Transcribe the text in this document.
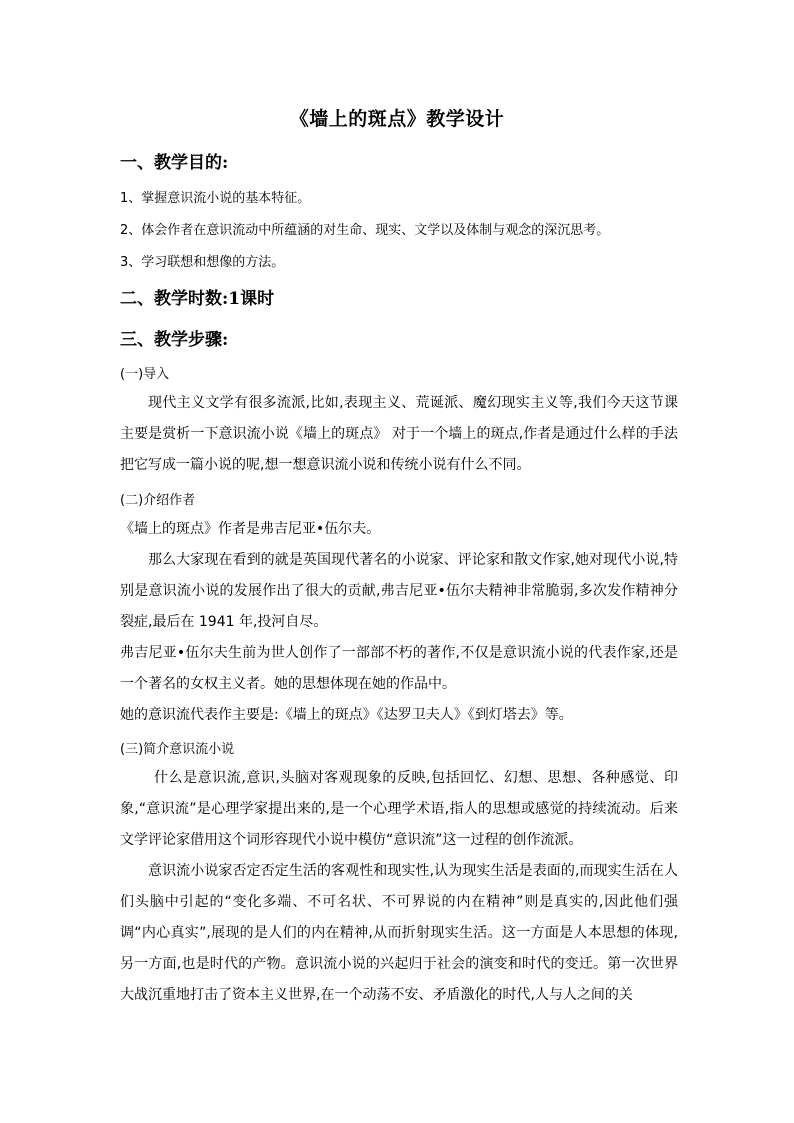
《墙上的斑点》教学设计
一、教学目的:
1、掌握意识流小说的基本特征。
2、体会作者在意识流动中所蕴涵的对生命、现实、文学以及体制与观念的深沉思考。
3、学习联想和想像的方法。
二、教学时数:1课时
三、教学步骤:
(一)导入
现代主义文学有很多流派,比如,表现主义、荒诞派、魔幻现实主义等,我们今天这节课主要是赏析一下意识流小说《墙上的斑点》 对于一个墙上的斑点,作者是通过什么样的手法把它写成一篇小说的呢,想一想意识流小说和传统小说有什么不同。
(二)介绍作者
《墙上的斑点》作者是弗吉尼亚•伍尔夫。
那么大家现在看到的就是英国现代著名的小说家、评论家和散文作家,她对现代小说,特别是意识流小说的发展作出了很大的贡献,弗吉尼亚•伍尔夫精神非常脆弱,多次发作精神分裂症,最后在 1941 年,投河自尽。
弗吉尼亚•伍尔夫生前为世人创作了一部部不朽的著作,不仅是意识流小说的代表作家,还是一个著名的女权主义者。她的思想体现在她的作品中。
她的意识流代表作主要是:《墙上的斑点》《达罗卫夫人》《到灯塔去》等。
(三)简介意识流小说
什么是意识流,意识,头脑对客观现象的反映,包括回忆、幻想、思想、各种感觉、印象,“意识流”是心理学家提出来的,是一个心理学术语,指人的思想或感觉的持续流动。后来文学评论家借用这个词形容现代小说中模仿“意识流”这一过程的创作流派。
意识流小说家否定否定生活的客观性和现实性,认为现实生活是表面的,而现实生活在人们头脑中引起的“变化多端、不可名状、不可界说的内在精神”则是真实的,因此他们强调“内心真实”,展现的是人们的内在精神,从而折射现实生活。这一方面是人本思想的体现,另一方面,也是时代的产物。意识流小说的兴起归于社会的演变和时代的变迁。第一次世界大战沉重地打击了资本主义世界,在一个动荡不安、矛盾激化的时代,人与人之间的关
